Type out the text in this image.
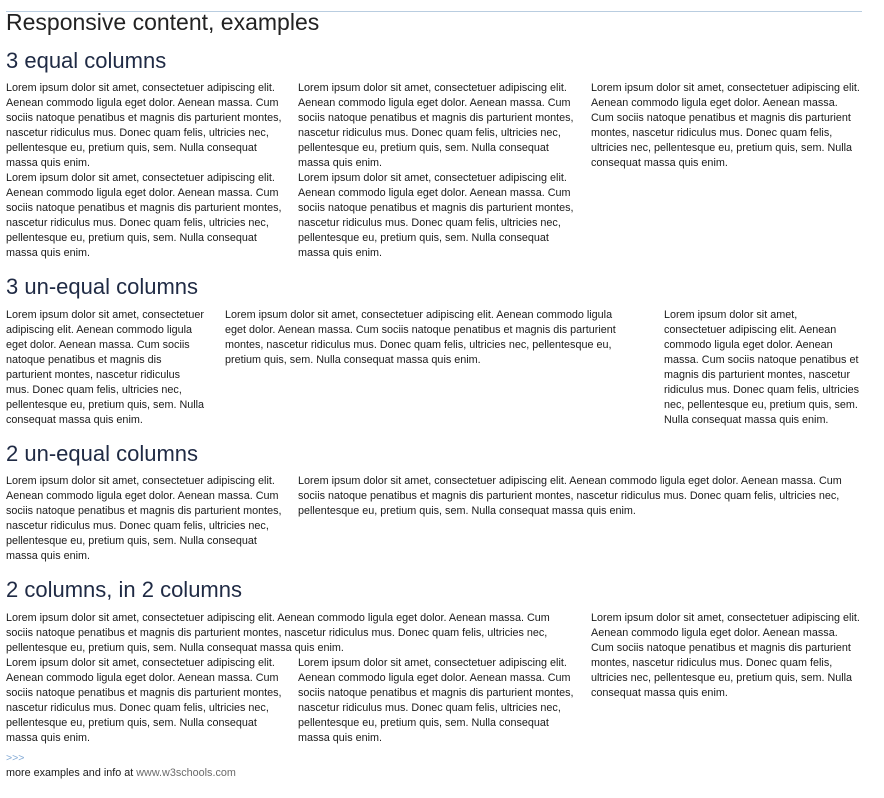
Responsive content, examples
3 equal columns

Lorem ipsum dolor sit amet, consectetuer adipiscing elit. Aenean commodo ligula eget dolor. Aenean massa. Cum sociis natoque penatibus et magnis dis parturient montes, nascetur ridiculus mus. Donec quam felis, ultricies nec, pellentesque eu, pretium quis, sem. Nulla consequat massa quis enim.

Lorem ipsum dolor sit amet, consectetuer adipiscing elit. Aenean commodo ligula eget dolor. Aenean massa. Cum sociis natoque penatibus et magnis dis parturient montes, nascetur ridiculus mus. Donec quam felis, ultricies nec, pellentesque eu, pretium quis, sem. Nulla consequat massa quis enim.

Lorem ipsum dolor sit amet, consectetuer adipiscing elit. Aenean commodo ligula eget dolor. Aenean massa. Cum sociis natoque penatibus et magnis dis parturient montes, nascetur ridiculus mus. Donec quam felis, ultricies nec, pellentesque eu, pretium quis, sem. Nulla consequat massa quis enim.

Lorem ipsum dolor sit amet, consectetuer adipiscing elit. Aenean commodo ligula eget dolor. Aenean massa. Cum sociis natoque penatibus et magnis dis parturient montes, nascetur ridiculus mus. Donec quam felis, ultricies nec, pellentesque eu, pretium quis, sem. Nulla consequat massa quis enim.

Lorem ipsum dolor sit amet, consectetuer adipiscing elit. Aenean commodo ligula eget dolor. Aenean massa. Cum sociis natoque penatibus et magnis dis parturient montes, nascetur ridiculus mus. Donec quam felis, ultricies nec, pellentesque eu, pretium quis, sem. Nulla consequat massa quis enim.

3 un-equal columns

Lorem ipsum dolor sit amet, consectetuer adipiscing elit. Aenean commodo ligula eget dolor. Aenean massa. Cum sociis natoque penatibus et magnis dis parturient montes, nascetur ridiculus mus. Donec quam felis, ultricies nec, pellentesque eu, pretium quis, sem. Nulla consequat massa quis enim.

Lorem ipsum dolor sit amet, consectetuer adipiscing elit. Aenean commodo ligula eget dolor. Aenean massa. Cum sociis natoque penatibus et magnis dis parturient montes, nascetur ridiculus mus. Donec quam felis, ultricies nec, pellentesque eu, pretium quis, sem. Nulla consequat massa quis enim.

Lorem ipsum dolor sit amet, consectetuer adipiscing elit. Aenean commodo ligula eget dolor. Aenean massa. Cum sociis natoque penatibus et magnis dis parturient montes, nascetur ridiculus mus. Donec quam felis, ultricies nec, pellentesque eu, pretium quis, sem. Nulla consequat massa quis enim.

2 un-equal columns

Lorem ipsum dolor sit amet, consectetuer adipiscing elit. Aenean commodo ligula eget dolor. Aenean massa. Cum sociis natoque penatibus et magnis dis parturient montes, nascetur ridiculus mus. Donec quam felis, ultricies nec, pellentesque eu, pretium quis, sem. Nulla consequat massa quis enim.

Lorem ipsum dolor sit amet, consectetuer adipiscing elit. Aenean commodo ligula eget dolor. Aenean massa. Cum sociis natoque penatibus et magnis dis parturient montes, nascetur ridiculus mus. Donec quam felis, ultricies nec, pellentesque eu, pretium quis, sem. Nulla consequat massa quis enim.

2 columns, in 2 columns

Lorem ipsum dolor sit amet, consectetuer adipiscing elit. Aenean commodo ligula eget dolor. Aenean massa. Cum sociis natoque penatibus et magnis dis parturient montes, nascetur ridiculus mus. Donec quam felis, ultricies nec, pellentesque eu, pretium quis, sem. Nulla consequat massa quis enim.

Lorem ipsum dolor sit amet, consectetuer adipiscing elit. Aenean commodo ligula eget dolor. Aenean massa. Cum sociis natoque penatibus et magnis dis parturient montes, nascetur ridiculus mus. Donec quam felis, ultricies nec, pellentesque eu, pretium quis, sem. Nulla consequat massa quis enim.

Lorem ipsum dolor sit amet, consectetuer adipiscing elit. Aenean commodo ligula eget dolor. Aenean massa. Cum sociis natoque penatibus et magnis dis parturient montes, nascetur ridiculus mus. Donec quam felis, ultricies nec, pellentesque eu, pretium quis, sem. Nulla consequat massa quis enim.

Lorem ipsum dolor sit amet, consectetuer adipiscing elit. Aenean commodo ligula eget dolor. Aenean massa. Cum sociis natoque penatibus et magnis dis parturient montes, nascetur ridiculus mus. Donec quam felis, ultricies nec, pellentesque eu, pretium quis, sem. Nulla consequat massa quis enim.

>>>
more examples and info at www.w3schools.com
